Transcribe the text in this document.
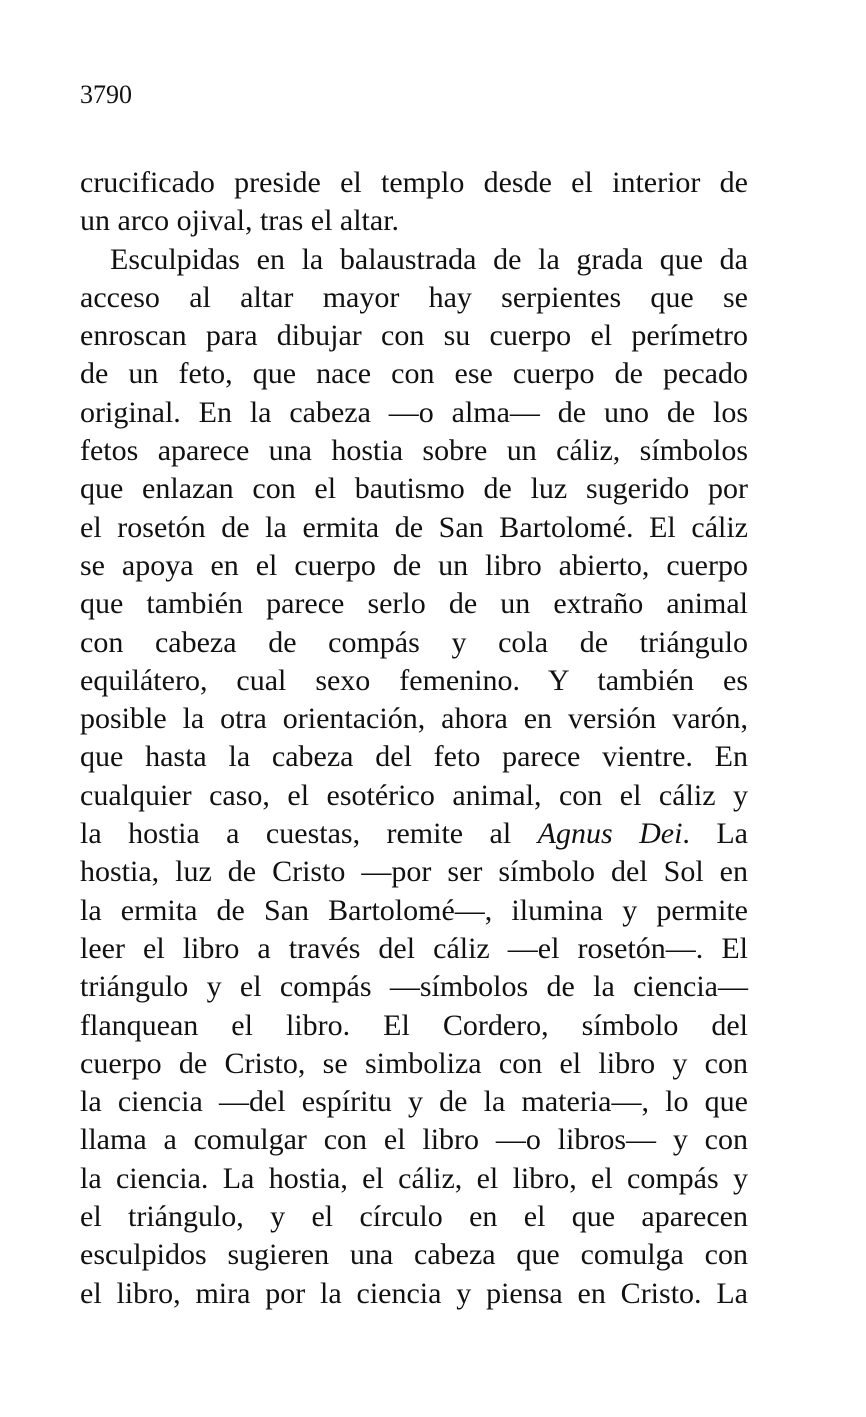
3790

crucificado preside el templo desde el interior de
un arco ojival, tras el altar.

Esculpidas en la balaustrada de la grada que da
acceso al altar mayor hay serpientes que se
enroscan para dibujar con su cuerpo el perímetro
de un feto, que nace con ese cuerpo de pecado
original. En la cabeza —o alma— de uno de los
fetos aparece una hostia sobre un cáliz, símbolos
que enlazan con el bautismo de luz sugerido por
el rosetón de la ermita de San Bartolomé. El cáliz
se apoya en el cuerpo de un libro abierto, cuerpo
que también parece serlo de un extraño animal
con cabeza de compás y cola de triángulo
equilátero, cual sexo femenino. Y también es
posible la otra orientación, ahora en versión varón,
que hasta la cabeza del feto parece vientre. En
cualquier caso, el esotérico animal, con el cáliz y
la hostia a cuestas, remite al Agnus Dei. La
hostia, luz de Cristo —por ser símbolo del Sol en
la ermita de San Bartolomé—, ilumina y permite
leer el libro a través del cáliz —el rosetón—. El
triángulo y el compás —símbolos de la ciencia—
flanquean el libro. El Cordero, símbolo del
cuerpo de Cristo, se simboliza con el libro y con
la ciencia —del espíritu y de la materia—, lo que
llama a comulgar con el libro —o libros— y con
la ciencia. La hostia, el cáliz, el libro, el compás y
el triángulo, y el círculo en el que aparecen
esculpidos sugieren una cabeza que comulga con
el libro, mira por la ciencia y piensa en Cristo. La
